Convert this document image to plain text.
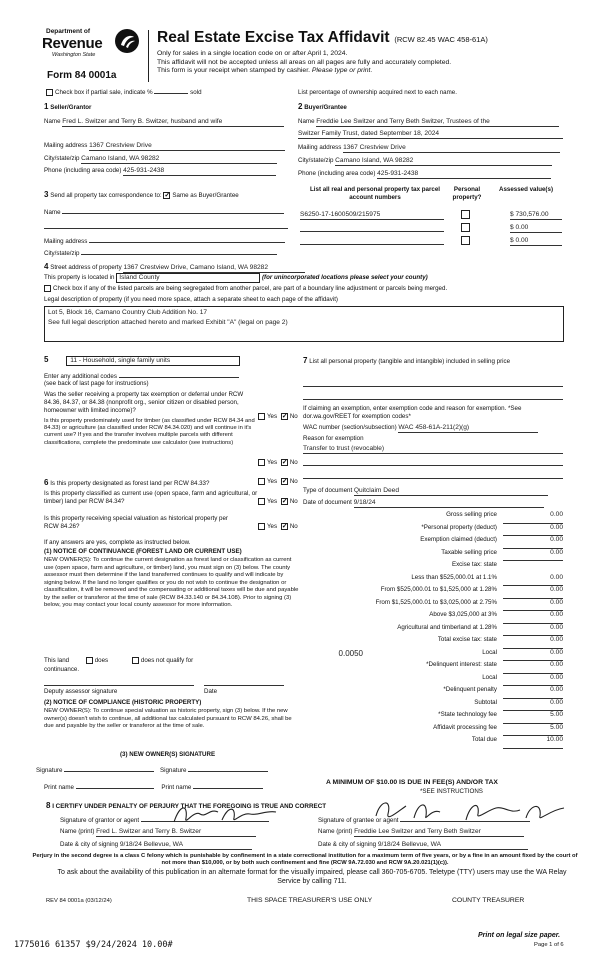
Department of
Revenue
Washington State
Form 84 0001a
Real Estate Excise Tax Affidavit (RCW 82.45 WAC 458-61A)
Only for sales in a single location code on or after April 1, 2024.
This affidavit will not be accepted unless all areas on all pages are fully and accurately completed.
This form is your receipt when stamped by cashier. Please type or print.
Check box if partial sale, indicate %	sold	List percentage of ownership acquired next to each name.
1 Seller/Grantor
Name Fred L. Switzer and Terry B. Switzer, husband and wife
Mailing address 1367 Crestview Drive
City/state/zip Camano Island, WA 98282
Phone (including area code) 425-931-2438
2 Buyer/Grantee
Name Freddie Lee Switzer and Terry Beth Switzer, Trustees of the
Switzer Family Trust, dated September 18, 2024
Mailing address 1367 Crestview Drive
City/state/zip Camano Island, WA 98282
Phone (including area code) 425-931-2438
3 Send all property tax correspondence to: ✓ Same as Buyer/Grantee
Name
Mailing address
City/state/zip
List all real and personal property tax parcel account numbers
Personal property?
Assessed value(s)
S6250-17-1600509/215975	$ 730,576.00
$ 0.00
$ 0.00
4 Street address of property 1367 Crestview Drive, Camano Island, WA 98282
This property is located in Island County	(for unincorporated locations please select your county)
Check box if any of the listed parcels are being segregated from another parcel, are part of a boundary line adjustment or parcels being merged.
Legal description of property (if you need more space, attach a separate sheet to each page of the affidavit)
Lot 5, Block 16, Camano Country Club Addition No. 17
See full legal description attached hereto and marked Exhibit "A" (legal on page 2)
5	11 - Household, single family units
Enter any additional codes
(see back of last page for instructions)
Was the seller receiving a property tax exemption or deferral under RCW 84.36, 84.37, or 84.38 (nonprofit org., senior citizen or disabled person, homeowner with limited income)?
Yes ✓ No
Is this property predominately used for timber (as classified under RCW 84.34 and 84.33) or agriculture (as classified under RCW 84.34.020) and will continue in it's current use? If yes and the transfer involves multiple parcels with different classifications, complete the predominate use calculator (see instructions)
Yes ✓ No
6 Is this property designated as forest land per RCW 84.33?	Yes ✓ No
Is this property classified as current use (open space, farm and agricultural, or timber) land per RCW 84.34?	Yes ✓ No
Is this property receiving special valuation as historical property per RCW 84.26?	Yes ✓ No
If any answers are yes, complete as instructed below.
(1) NOTICE OF CONTINUANCE (FOREST LAND OR CURRENT USE)
NEW OWNER(S): To continue the current designation as forest land or classification as current use (open space, farm and agriculture, or timber) land, you must sign on (3) below. The county assessor must then determine if the land transferred continues to qualify and will indicate by signing below. If the land no longer qualifies or you do not wish to continue the designation or classification, it will be removed and the compensating or additional taxes will be due and payable by the seller or transferor at the time of sale (RCW 84.33.140 or 84.34.108). Prior to signing (3) below, you may contact your local county assessor for more information.
This land	does	does not qualify for
continuance.
Deputy assessor signature	Date
(2) NOTICE OF COMPLIANCE (HISTORIC PROPERTY)
NEW OWNER(S): To continue special valuation as historic property, sign (3) below. If the new owner(s) doesn't wish to continue, all additional tax calculated pursuant to RCW 84.26, shall be due and payable by the seller or transferor at the time of sale.
(3) NEW OWNER(S) SIGNATURE
Signature	Signature
Print name	Print name
7 List all personal property (tangible and intangible) included in selling price
If claiming an exemption, enter exemption code and reason for exemption. *See dor.wa.gov/REET for exemption codes*
WAC number (section/subsection) WAC 458-61A-211(2)(g)
Reason for exemption
Transfer to trust (revocable)
Type of document Quitclaim Deed
Date of document 9/18/24
Gross selling price	0.00
*Personal property (deduct)	0.00
Exemption claimed (deduct)	0.00
Taxable selling price	0.00
Excise tax: state
Less than $525,000.01 at 1.1%	0.00
From $525,000.01 to $1,525,000 at 1.28%	0.00
From $1,525,000.01 to $3,025,000 at 2.75%	0.00
Above $3,025,000 at 3%	0.00
Agricultural and timberland at 1.28%	0.00
Total excise tax: state	0.00
0.0050	Local	0.00
*Delinquent interest: state	0.00
Local	0.00
*Delinquent penalty	0.00
Subtotal	0.00
*State technology fee	5.00
Affidavit processing fee	5.00
Total due	10.00
A MINIMUM OF $10.00 IS DUE IN FEE(S) AND/OR TAX
*SEE INSTRUCTIONS
8 I CERTIFY UNDER PENALTY OF PERJURY THAT THE FOREGOING IS TRUE AND CORRECT
Signature of grantor or agent
Name (print) Fred L. Switzer and Terry B. Switzer
Date & city of signing 9/18/24 Bellevue, WA
Signature of grantee or agent
Name (print) Freddie Lee Switzer and Terry Beth Switzer
Date & city of signing 9/18/24 Bellevue, WA
Perjury in the second degree is a class C felony which is punishable by confinement in a state correctional institution for a maximum term of five years, or by a fine in an amount fixed by the court of not more than $10,000, or by both such confinement and fine (RCW 9A.72.030 and RCW 9A.20.021(1)(c)).
To ask about the availability of this publication in an alternate format for the visually impaired, please call 360-705-6705. Teletype (TTY) users may use the WA Relay Service by calling 711.
REV 84 0001a (03/12/24)	THIS SPACE TREASURER'S USE ONLY	COUNTY TREASURER
Print on legal size paper.
Page 1 of 6
1775016 61357 $9/24/2024 10.00#
